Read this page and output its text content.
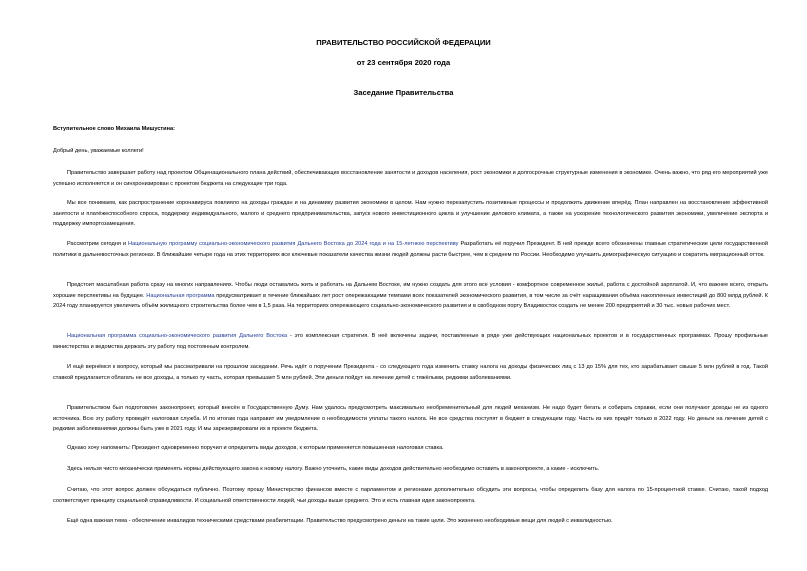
ПРАВИТЕЛЬСТВО РОССИЙСКОЙ ФЕДЕРАЦИИ
от 23 сентября 2020 года
Заседание Правительства

Вступительное слово Михаила Мишустина:

Добрый день, уважаемые коллеги!

Правительство завершает работу над проектом Общенационального плана действий, обеспечивающих восстановление занятости и доходов населения, рост экономики и долгосрочные структурные изменения в экономике. Очень важно, что ряд его мероприятий уже успешно исполняется и он синхронизирован с проектом бюджета на следующие три года.

Мы все понимаем, как распространение коронавируса повлияло на доходы граждан и на динамику развития экономики в целом. Нам нужно перезапустить позитивные процессы и продолжить движение вперёд. План направлен на восстановление эффективной занятости и платёжеспособного спроса, поддержку индивидуального, малого и среднего предпринимательства, запуск нового инвестиционного цикла и улучшение делового климата, а также на ускорение технологического развития экономики, увеличение экспорта и поддержку импортозамещения.

Рассмотрим сегодня и Национальную программу социально-экономического развития Дальнего Востока до 2024 года и на 15-летнюю перспективу Разработать её поручил Президент. В ней прежде всего обозначены главные стратегические цели государственной политики в дальневосточных регионах. В ближайшие четыре года на этих территориях все ключевые показатели качества жизни людей должны расти быстрее, чем в среднем по России. Необходимо улучшить демографическую ситуацию и сократить миграционный отток.

Предстоит масштабная работа сразу на многих направлениях. Чтобы люди оставались жить и работать на Дальнем Востоке, им нужно создать для этого все условия - комфортное современное жильё, работа с достойной зарплатой. И, что важнее всего, открыть хорошие перспективы на будущее. Национальная программа предусматривает в течение ближайших лет рост опережающими темпами всех показателей экономического развития, в том числе за счёт наращивания объёма накопленных инвестиций до 800 млрд рублей. К 2024 году планируется увеличить объём жилищного строительства более чем в 1,5 раза. На территориях опережающего социально-экономического развития и в свободном порту Владивосток создать не менее 200 предприятий и 30 тыс. новых рабочих мест.

Национальная программа социально-экономического развития Дальнего Востока - это комплексная стратегия. В неё включены задачи, поставленные в ряде уже действующих национальных проектов и в государственных программах. Прошу профильные министерства и ведомства держать эту работу под постоянным контролем.

И ещё вернёмся к вопросу, который мы рассматривали на прошлом заседании. Речь идёт о поручении Президента - со следующего года изменить ставку налога на доходы физических лиц с 13 до 15% для тех, кто зарабатывает свыше 5 млн рублей в год. Такой ставкой предлагается облагать не все доходы, а только ту часть, которая превышает 5 млн рублей. Эти деньги пойдут на лечение детей с тяжёлыми, редкими заболеваниями.

Правительством был подготовлен законопроект, который внесён в Государственную Думу. Нам удалось предусмотреть максимально необременительный для людей механизм. Не надо будет бегать и собирать справки, если они получают доходы не из одного источника. Всю эту работу проведёт налоговая служба. И по итогам года направит им уведомление о необходимости уплаты такого налога. Не все средства поступят в бюджет в следующем году. Часть из них придёт только в 2022 году. Но деньги на лечение детей с редкими заболеваниями должны быть уже в 2021 году. И мы зарезервировали их в проекте бюджета.

Однако хочу напомнить: Президент одновременно поручил и определить виды доходов, к которым применяется повышенная налоговая ставка.

Здесь нельзя чисто механически применять нормы действующего закона к новому налогу. Важно уточнить, какие виды доходов действительно необходимо оставить в законопроекте, а какие - исключить.

Считаю, что этот вопрос должен обсуждаться публично. Поэтому прошу Министерство финансов вместе с парламентом и регионами дополнительно обсудить эти вопросы, чтобы определить базу для налога по 15-процентной ставке. Считаю, такой подход соответствует принципу социальной справедливости. И социальной ответственности людей, чьи доходы выше среднего. Это и есть главная идея законопроекта.

Ещё одна важная тема - обеспечение инвалидов техническими средствами реабилитации. Правительство предусмотрено деньги на такие цели. Это жизненно необходимые вещи для людей с инвалидностью.
